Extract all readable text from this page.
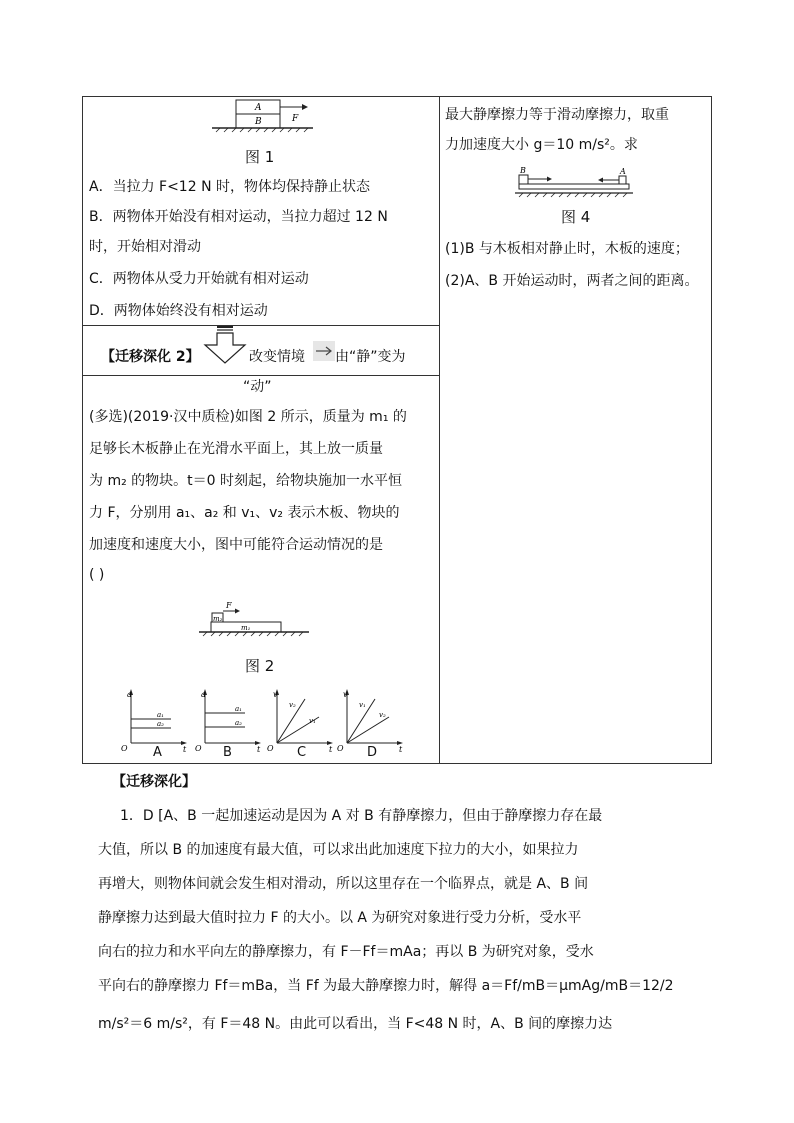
A
B	F
图 1
A．当拉力 F<12 N 时，物体均保持静止状态
B．两物体开始没有相对运动，当拉力超过 12 N
时，开始相对滑动
C．两物体从受力开始就有相对运动
D．两物体始终没有相对运动
【迁移深化 2】	改变情境 由“静”变为
“动”
(多选)(2019·汉中质检)如图 2 所示，质量为 m₁ 的
足够长木板静止在光滑水平面上，其上放一质量
为 m₂ 的物块。t＝0 时刻起，给物块施加一水平恒
力 F，分别用 a₁、a₂ 和 v₁、v₂ 表示木板、物块的
加速度和速度大小，图中可能符合运动情况的是
( )
F
m₂
m₁
图 2
a
t
O
a₁
a₂
a
t
O
a₁
a₂
v
t
O
v₂
v₁
v
t
O
v₁
v₂
A	B	C	D
最大静摩擦力等于滑动摩擦力，取重
力加速度大小 g＝10 m/s²。求
B	A
图 4
(1)B 与木板相对静止时，木板的速度；
(2)A、B 开始运动时，两者之间的距离。
【迁移深化】
1．D [A、B 一起加速运动是因为 A 对 B 有静摩擦力，但由于静摩擦力存在最
大值，所以 B 的加速度有最大值，可以求出此加速度下拉力的大小，如果拉力
再增大，则物体间就会发生相对滑动，所以这里存在一个临界点，就是 A、B 间
静摩擦力达到最大值时拉力 F 的大小。以 A 为研究对象进行受力分析，受水平
向右的拉力和水平向左的静摩擦力，有 F－Ff＝mAa；再以 B 为研究对象，受水
平向右的静摩擦力 Ff＝mBa，当 Ff 为最大静摩擦力时，解得 a＝Ff/mB＝μmAg/mB＝12/2
m/s²＝6 m/s²，有 F＝48 N。由此可以看出，当 F<48 N 时，A、B 间的摩擦力达
